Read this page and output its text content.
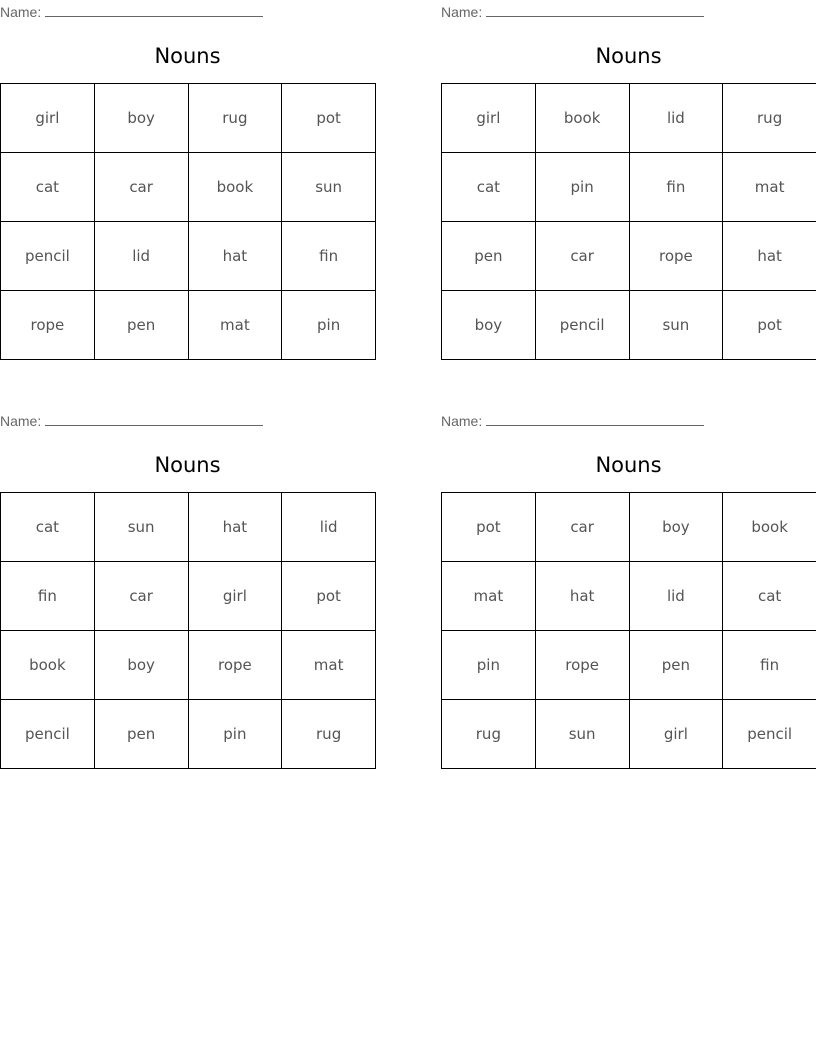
Name:
Nouns
girl	boy	rug	pot
cat	car	book	sun
pencil	lid	hat	fin
rope	pen	mat	pin
Name:
Nouns
girl	book	lid	rug
cat	pin	fin	mat
pen	car	rope	hat
boy	pencil	sun	pot
Name:
Nouns
cat	sun	hat	lid
fin	car	girl	pot
book	boy	rope	mat
pencil	pen	pin	rug
Name:
Nouns
pot	car	boy	book
mat	hat	lid	cat
pin	rope	pen	fin
rug	sun	girl	pencil
